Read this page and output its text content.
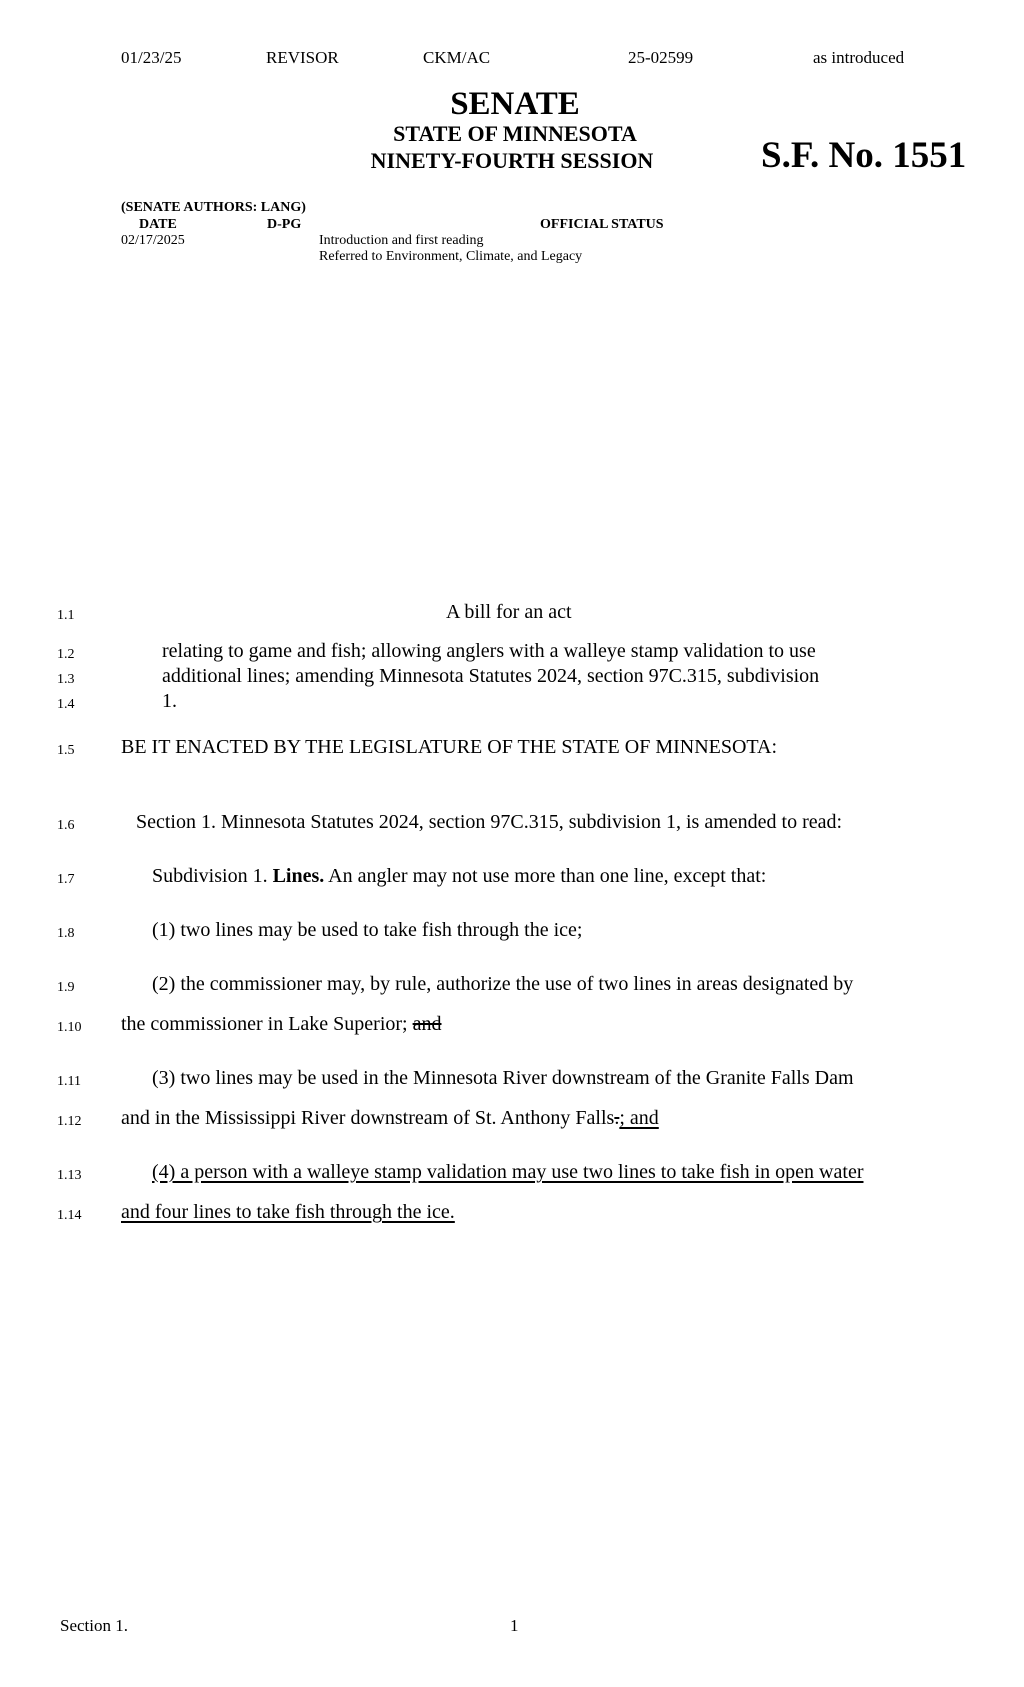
01/23/25	REVISOR	CKM/AC	25-02599	as introduced
SENATE
STATE OF MINNESOTA
NINETY-FOURTH SESSION	S.F. No. 1551
(SENATE AUTHORS: LANG)
DATE	D-PG	OFFICIAL STATUS
02/17/2025	Introduction and first reading
Referred to Environment, Climate, and Legacy
1.1
1.2
1.3
1.4
1.5
1.6
1.7
1.8
1.9
1.10
1.11
1.12
1.13
1.14
A bill for an act
relating to game and fish; allowing anglers with a walleye stamp validation to use
additional lines; amending Minnesota Statutes 2024, section 97C.315, subdivision
1.
BE IT ENACTED BY THE LEGISLATURE OF THE STATE OF MINNESOTA:
Section 1. Minnesota Statutes 2024, section 97C.315, subdivision 1, is amended to read:
Subdivision 1. Lines. An angler may not use more than one line, except that:
(1) two lines may be used to take fish through the ice;
(2) the commissioner may, by rule, authorize the use of two lines in areas designated by
the commissioner in Lake Superior; and
(3) two lines may be used in the Minnesota River downstream of the Granite Falls Dam
and in the Mississippi River downstream of St. Anthony Falls.; and
(4) a person with a walleye stamp validation may use two lines to take fish in open water
and four lines to take fish through the ice.
Section 1.	1
